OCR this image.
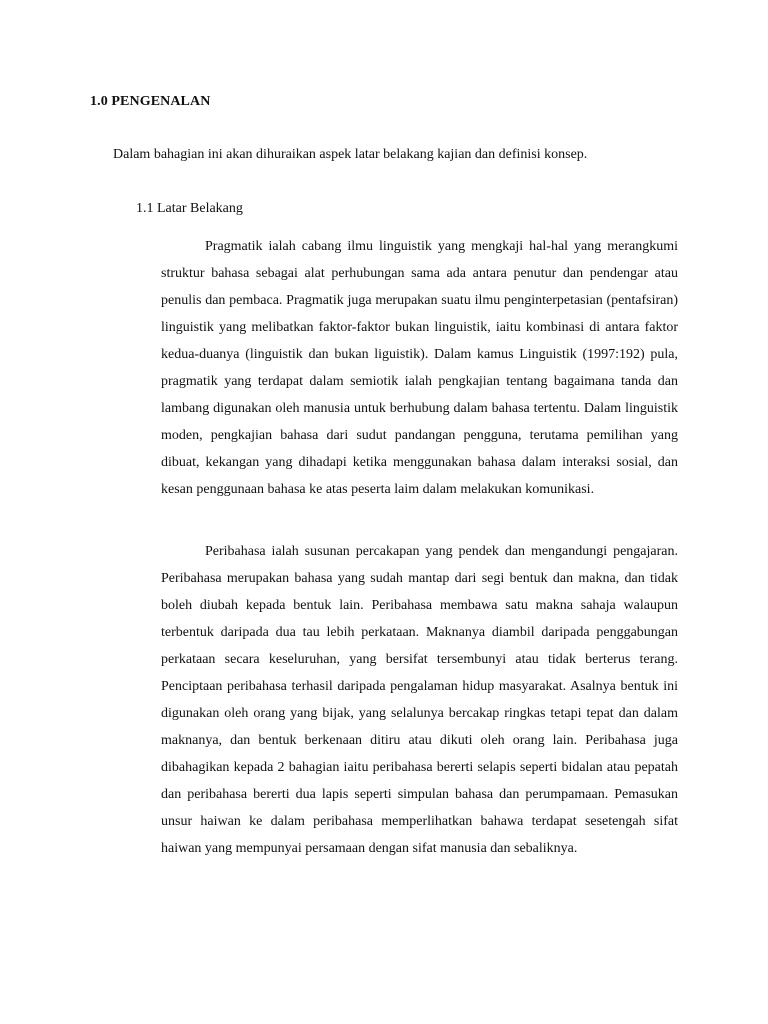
1.0 PENGENALAN
Dalam bahagian ini akan dihuraikan aspek latar belakang kajian dan definisi konsep.
1.1 Latar Belakang

Pragmatik ialah cabang ilmu linguistik yang mengkaji hal-hal yang merangkumi struktur bahasa sebagai alat perhubungan sama ada antara penutur dan pendengar atau penulis dan pembaca. Pragmatik juga merupakan suatu ilmu penginterpetasian (pentafsiran) linguistik yang melibatkan faktor-faktor bukan linguistik, iaitu kombinasi di antara faktor kedua-duanya (linguistik dan bukan liguistik). Dalam kamus Linguistik (1997:192) pula, pragmatik yang terdapat dalam semiotik ialah pengkajian tentang bagaimana tanda dan lambang digunakan oleh manusia untuk berhubung dalam bahasa tertentu. Dalam linguistik moden, pengkajian bahasa dari sudut pandangan pengguna, terutama pemilihan yang dibuat, kekangan yang dihadapi ketika menggunakan bahasa dalam interaksi sosial, dan kesan penggunaan bahasa ke atas peserta laim dalam melakukan komunikasi.

Peribahasa ialah susunan percakapan yang pendek dan mengandungi pengajaran. Peribahasa merupakan bahasa yang sudah mantap dari segi bentuk dan makna, dan tidak boleh diubah kepada bentuk lain. Peribahasa membawa satu makna sahaja walaupun terbentuk daripada dua tau lebih perkataan. Maknanya diambil daripada penggabungan perkataan secara keseluruhan, yang bersifat tersembunyi atau tidak berterus terang. Penciptaan peribahasa terhasil daripada pengalaman hidup masyarakat. Asalnya bentuk ini digunakan oleh orang yang bijak, yang selalunya bercakap ringkas tetapi tepat dan dalam maknanya, dan bentuk berkenaan ditiru atau dikuti oleh orang lain. Peribahasa juga dibahagikan kepada 2 bahagian iaitu peribahasa bererti selapis seperti bidalan atau pepatah dan peribahasa bererti dua lapis seperti simpulan bahasa dan perumpamaan. Pemasukan unsur haiwan ke dalam peribahasa memperlihatkan bahawa terdapat sesetengah sifat haiwan yang mempunyai persamaan dengan sifat manusia dan sebaliknya.
